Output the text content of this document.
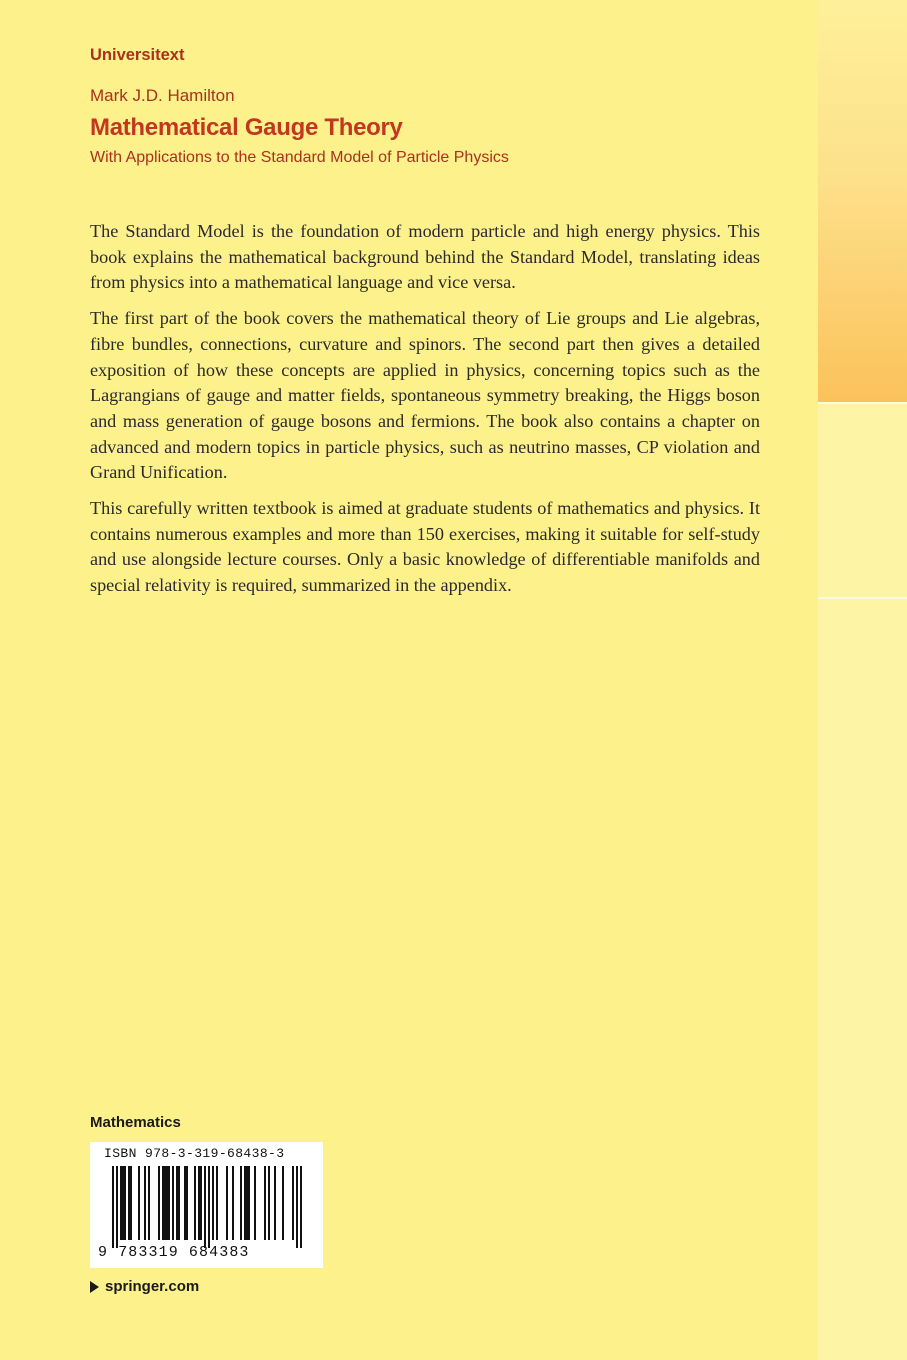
Universitext
Mark J.D. Hamilton
Mathematical Gauge Theory
With Applications to the Standard Model of Particle Physics

The Standard Model is the foundation of modern particle and high energy physics. This book explains the mathematical background behind the Standard Model, translating ideas from physics into a mathematical language and vice versa.

The first part of the book covers the mathematical theory of Lie groups and Lie algebras, fibre bundles, connections, curvature and spinors. The second part then gives a detailed exposition of how these concepts are applied in physics, concerning topics such as the Lagrangians of gauge and matter fields, spontaneous symmetry breaking, the Higgs boson and mass generation of gauge bosons and fermions. The book also contains a chapter on advanced and modern topics in particle physics, such as neutrino masses, CP violation and Grand Unification.

This carefully written textbook is aimed at graduate students of mathematics and physics. It contains numerous examples and more than 150 exercises, making it suitable for self-study and use alongside lecture courses. Only a basic knowledge of differentiable manifolds and special relativity is required, summarized in the appendix.

Mathematics
ISBN 978-3-319-68438-3
9 783319 684383
springer.com
